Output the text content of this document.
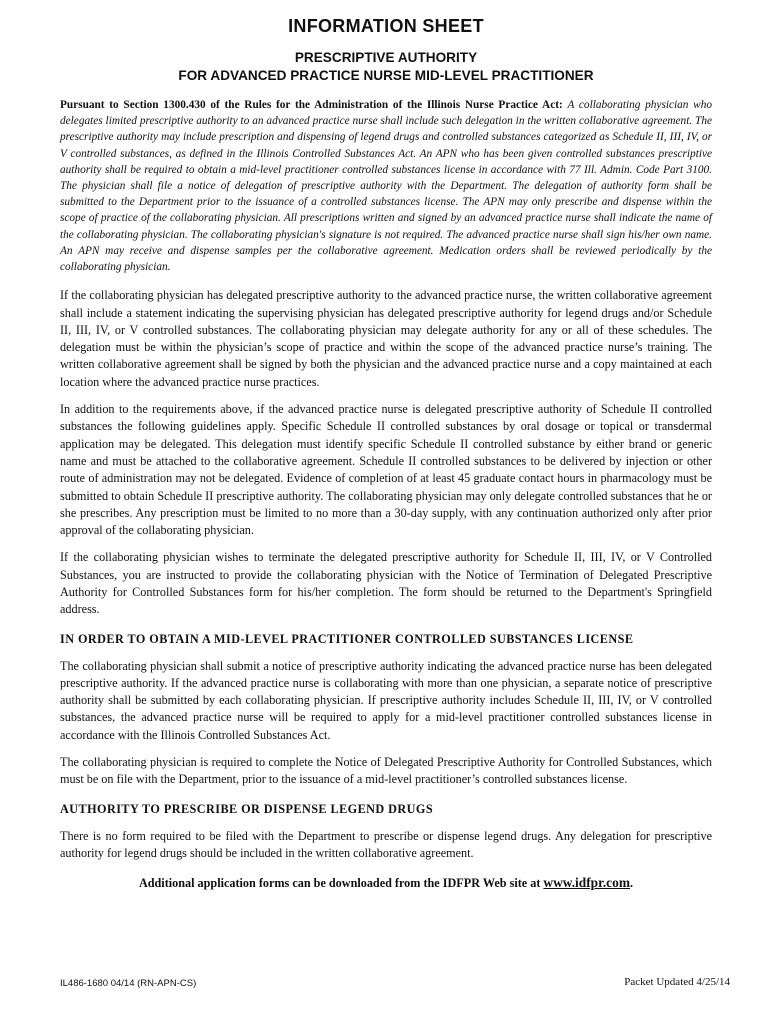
INFORMATION SHEET
PRESCRIPTIVE AUTHORITY
FOR ADVANCED PRACTICE NURSE MID-LEVEL PRACTITIONER

Pursuant to Section 1300.430 of the Rules for the Administration of the Illinois Nurse Practice Act: A collaborating physician who delegates limited prescriptive authority to an advanced practice nurse shall include such delegation in the written collaborative agreement. The prescriptive authority may include prescription and dispensing of legend drugs and controlled substances categorized as Schedule II, III, IV, or V controlled substances, as defined in the Illinois Controlled Substances Act. An APN who has been given controlled substances prescriptive authority shall be required to obtain a mid-level practitioner controlled substances license in accordance with 77 Ill. Admin. Code Part 3100. The physician shall file a notice of delegation of prescriptive authority with the Department. The delegation of authority form shall be submitted to the Department prior to the issuance of a controlled substances license. The APN may only prescribe and dispense within the scope of practice of the collaborating physician. All prescriptions written and signed by an advanced practice nurse shall indicate the name of the collaborating physician. The collaborating physician's signature is not required. The advanced practice nurse shall sign his/her own name. An APN may receive and dispense samples per the collaborative agreement. Medication orders shall be reviewed periodically by the collaborating physician.

If the collaborating physician has delegated prescriptive authority to the advanced practice nurse, the written collaborative agreement shall include a statement indicating the supervising physician has delegated prescriptive authority for legend drugs and/or Schedule II, III, IV, or V controlled substances. The collaborating physician may delegate authority for any or all of these schedules. The delegation must be within the physician’s scope of practice and within the scope of the advanced practice nurse’s training. The written collaborative agreement shall be signed by both the physician and the advanced practice nurse and a copy maintained at each location where the advanced practice nurse practices.

In addition to the requirements above, if the advanced practice nurse is delegated prescriptive authority of Schedule II controlled substances the following guidelines apply. Specific Schedule II controlled substances by oral dosage or topical or transdermal application may be delegated. This delegation must identify specific Schedule II controlled substance by either brand or generic name and must be attached to the collaborative agreement. Schedule II controlled substances to be delivered by injection or other route of administration may not be delegated. Evidence of completion of at least 45 graduate contact hours in pharmacology must be submitted to obtain Schedule II prescriptive authority. The collaborating physician may only delegate controlled substances that he or she prescribes. Any prescription must be limited to no more than a 30-day supply, with any continuation authorized only after prior approval of the collaborating physician.

If the collaborating physician wishes to terminate the delegated prescriptive authority for Schedule II, III, IV, or V Controlled Substances, you are instructed to provide the collaborating physician with the Notice of Termination of Delegated Prescriptive Authority for Controlled Substances form for his/her completion. The form should be returned to the Department's Springfield address.

IN ORDER TO OBTAIN A MID-LEVEL PRACTITIONER CONTROLLED SUBSTANCES LICENSE

The collaborating physician shall submit a notice of prescriptive authority indicating the advanced practice nurse has been delegated prescriptive authority. If the advanced practice nurse is collaborating with more than one physician, a separate notice of prescriptive authority shall be submitted by each collaborating physician. If prescriptive authority includes Schedule II, III, IV, or V controlled substances, the advanced practice nurse will be required to apply for a mid-level practitioner controlled substances license in accordance with the Illinois Controlled Substances Act.

The collaborating physician is required to complete the Notice of Delegated Prescriptive Authority for Controlled Substances, which must be on file with the Department, prior to the issuance of a mid-level practitioner’s controlled substances license.

AUTHORITY TO PRESCRIBE OR DISPENSE LEGEND DRUGS

There is no form required to be filed with the Department to prescribe or dispense legend drugs. Any delegation for prescriptive authority for legend drugs should be included in the written collaborative agreement.

Additional application forms can be downloaded from the IDFPR Web site at www.idfpr.com.

IL486-1680 04/14 (RN-APN-CS)	Packet Updated 4/25/14
